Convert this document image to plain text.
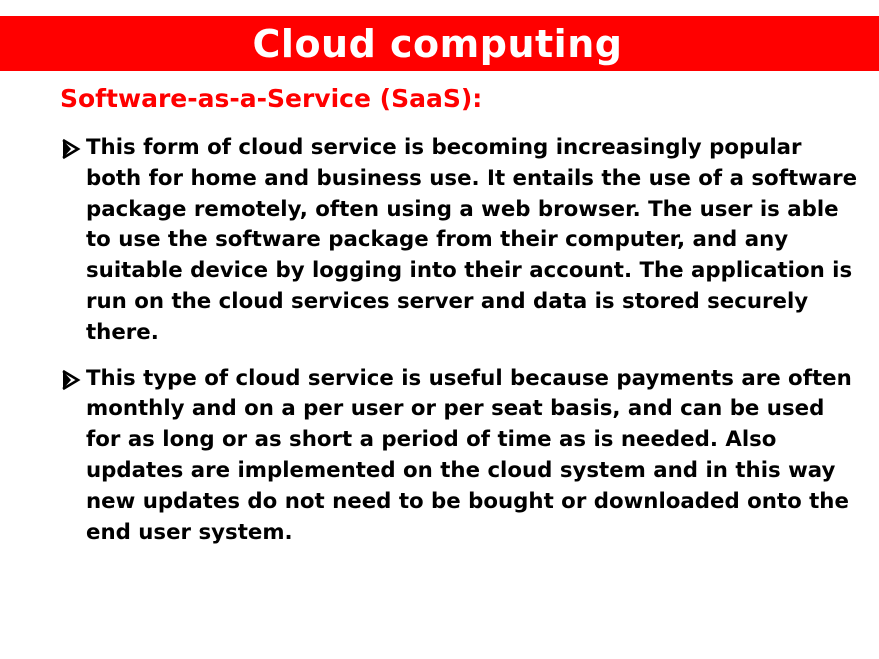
Cloud computing
Software-as-a-Service (SaaS):
This form of cloud service is becoming increasingly popular both for home and business use. It entails the use of a software package remotely, often using a web browser. The user is able to use the software package from their computer, and any suitable device by logging into their account. The application is run on the cloud services server and data is stored securely there.
This type of cloud service is useful because payments are often monthly and on a per user or per seat basis, and can be used for as long or as short a period of time as is needed. Also updates are implemented on the cloud system and in this way new updates do not need to be bought or downloaded onto the end user system.
